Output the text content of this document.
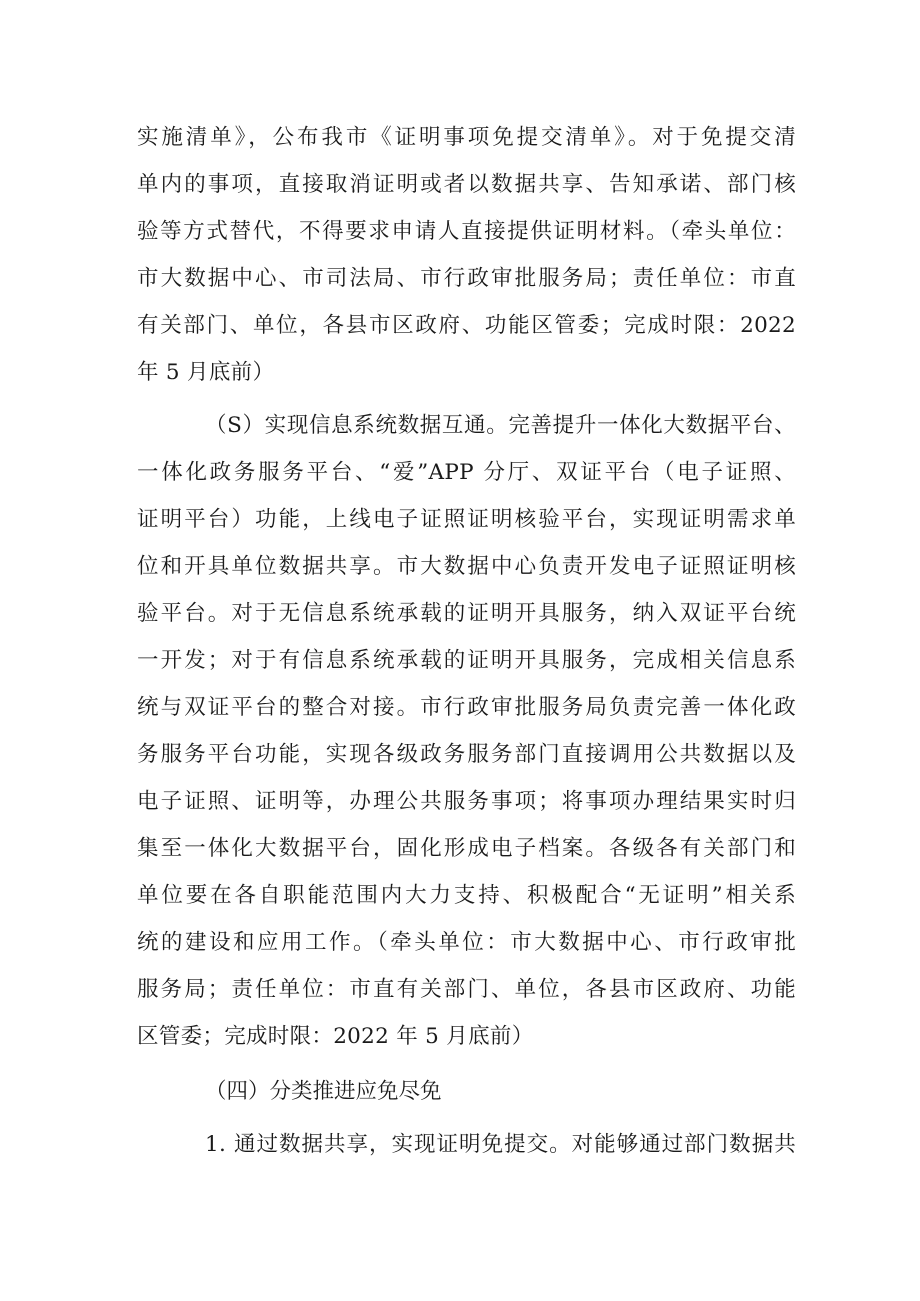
实施清单》，公布我市《证明事项免提交清单》。对于免提交清
单内的事项，直接取消证明或者以数据共享、告知承诺、部门核
验等方式替代，不得要求申请人直接提供证明材料。（牵头单位：
市大数据中心、市司法局、市行政审批服务局；责任单位：市直
有关部门、单位，各县市区政府、功能区管委；完成时限：2022
年 5 月底前）
（S）实现信息系统数据互通。完善提升一体化大数据平台、
一体化政务服务平台、“爱”APP 分厅、双证平台（电子证照、
证明平台）功能，上线电子证照证明核验平台，实现证明需求单
位和开具单位数据共享。市大数据中心负责开发电子证照证明核
验平台。对于无信息系统承载的证明开具服务，纳入双证平台统
一开发；对于有信息系统承载的证明开具服务，完成相关信息系
统与双证平台的整合对接。市行政审批服务局负责完善一体化政
务服务平台功能，实现各级政务服务部门直接调用公共数据以及
电子证照、证明等，办理公共服务事项；将事项办理结果实时归
集至一体化大数据平台，固化形成电子档案。各级各有关部门和
单位要在各自职能范围内大力支持、积极配合“无证明”相关系
统的建设和应用工作。（牵头单位：市大数据中心、市行政审批
服务局；责任单位：市直有关部门、单位，各县市区政府、功能
区管委；完成时限：2022 年 5 月底前）
（四）分类推进应免尽免
1. 通过数据共享，实现证明免提交。对能够通过部门数据共
